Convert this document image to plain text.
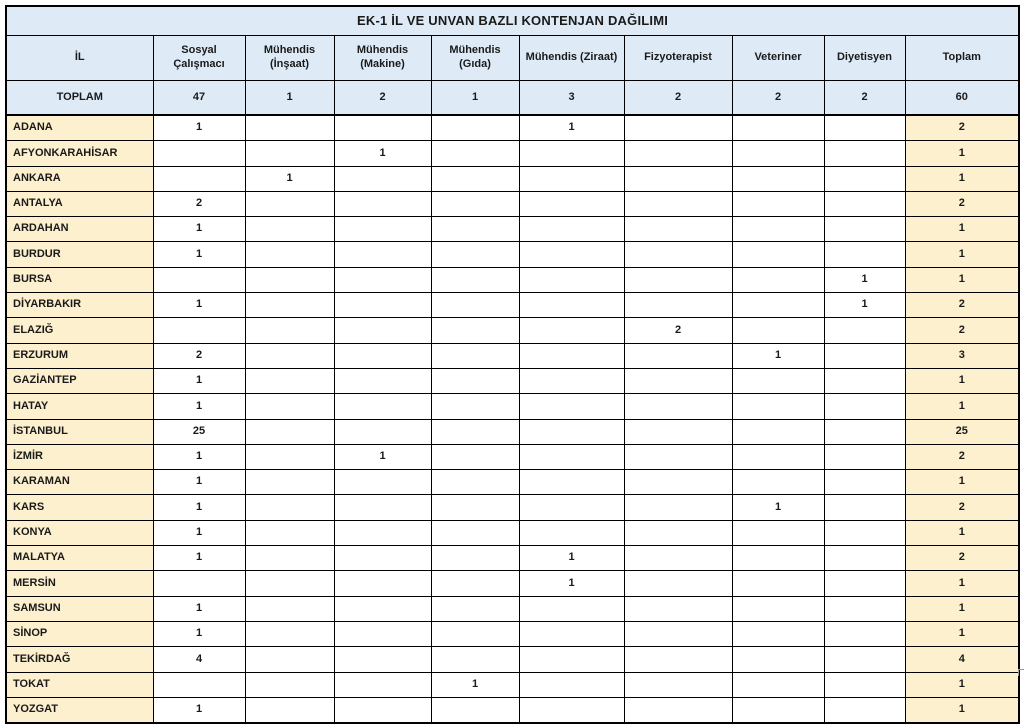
EK-1 İL VE UNVAN BAZLI KONTENJAN DAĞILIMI									
İL	Sosyal Çalışmacı	Mühendis (İnşaat)	Mühendis (Makine)	Mühendis (Gıda)	Mühendis (Ziraat)	Fizyoterapist	Veteriner	Diyetisyen	Toplam
TOPLAM	47	1	2	1	3	2	2	2	60
ADANA	1				1				2
AFYONKARAHİSAR			1						1
ANKARA		1							1
ANTALYA	2								2
ARDAHAN	1								1
BURDUR	1								1
BURSA								1	1
DİYARBAKIR	1							1	2
ELAZIĞ						2			2
ERZURUM	2						1		3
GAZİANTEP	1								1
HATAY	1								1
İSTANBUL	25								25
İZMİR	1		1						2
KARAMAN	1								1
KARS	1						1		2
KONYA	1								1
MALATYA	1				1				2
MERSİN					1				1
SAMSUN	1								1
SİNOP	1								1
TEKİRDAĞ	4								4
TOKAT				1					1
YOZGAT	1								1
